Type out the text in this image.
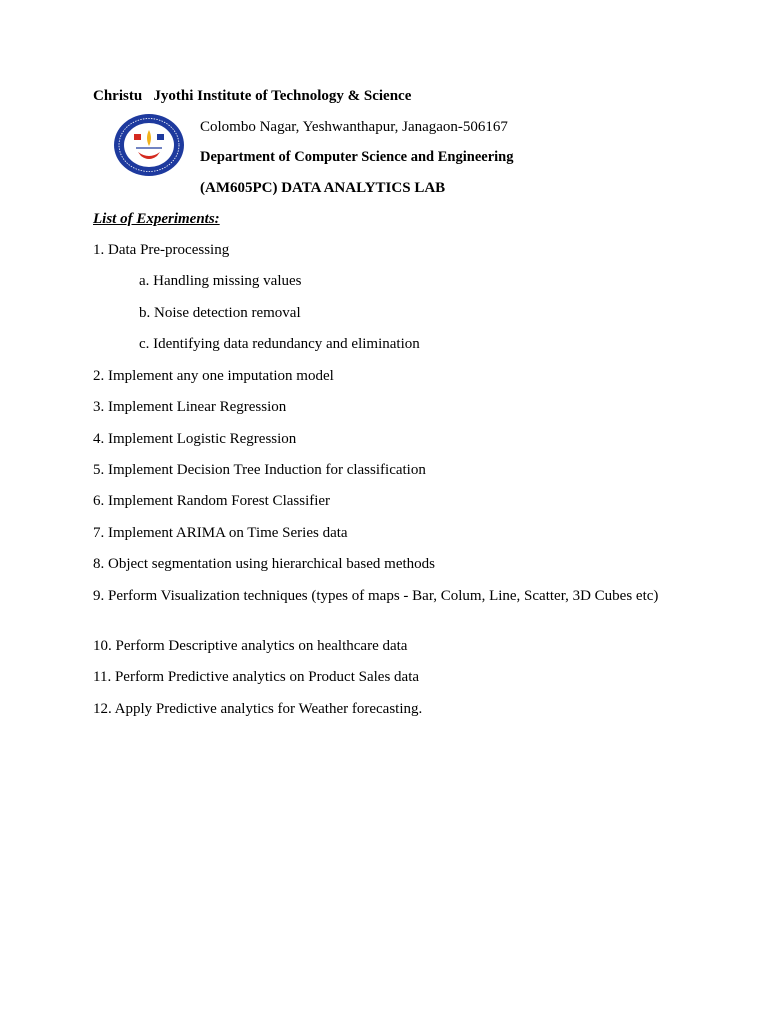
Christu   Jyothi Institute of Technology & Science
Colombo Nagar, Yeshwanthapur, Janagaon-506167
Department of Computer Science and Engineering
(AM605PC) DATA ANALYTICS LAB
List of Experiments:
1. Data Pre-processing
a. Handling missing values
b. Noise detection removal
c. Identifying data redundancy and elimination
2. Implement any one imputation model
3. Implement Linear Regression
4. Implement Logistic Regression
5. Implement Decision Tree Induction for classification
6. Implement Random Forest Classifier
7. Implement ARIMA on Time Series data
8. Object segmentation using hierarchical based methods
9. Perform Visualization techniques (types of maps - Bar, Colum, Line, Scatter, 3D Cubes etc)
10. Perform Descriptive analytics on healthcare data
11. Perform Predictive analytics on Product Sales data
12. Apply Predictive analytics for Weather forecasting.
